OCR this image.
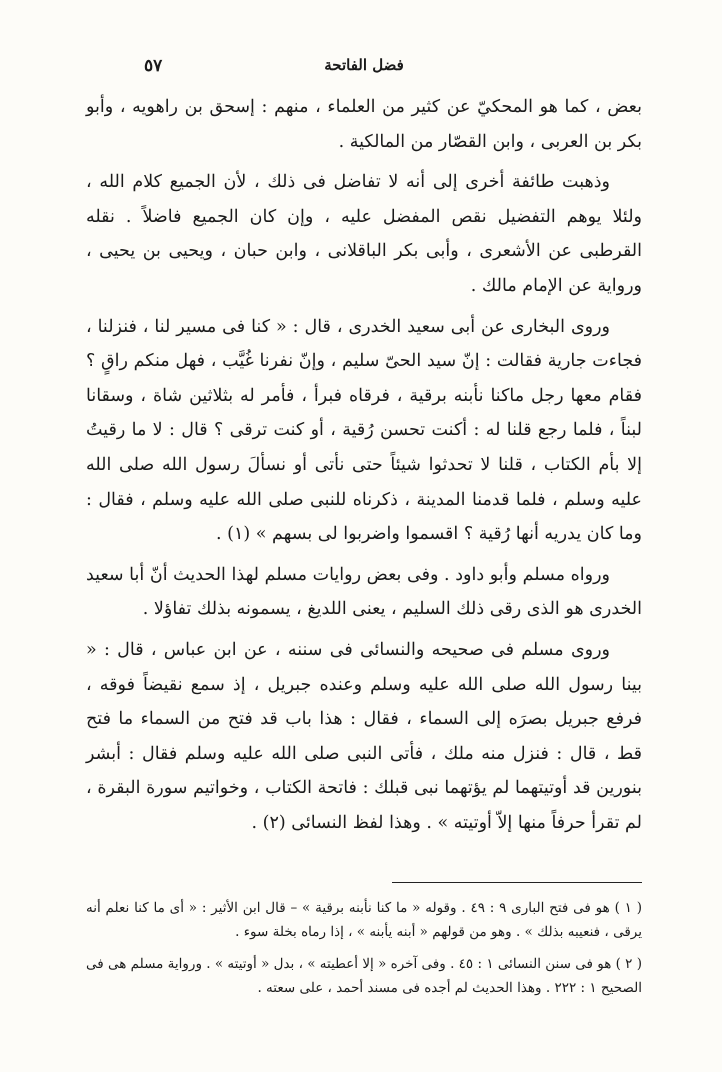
فضل الفاتحة
٥٧

بعض ، كما هو المحكيّ عن كثير من العلماء ، منهم : إسحق بن راهويه ، وأبو بكر بن العربى ، وابن القصّار من المالكية .

وذهبت طائفة أخرى إلى أنه لا تفاضل فى ذلك ، لأن الجميع كلام الله ، ولئلا يوهم التفضيل نقص المفضل عليه ، وإن كان الجميع فاضلاً . نقله القرطبى عن الأشعرى ، وأبى بكر الباقلانى ، وابن حبان ، ويحيى بن يحيى ، ورواية عن الإمام مالك .

وروى البخارى عن أبى سعيد الخدرى ، قال : « كنا فى مسير لنا ، فنزلنا ، فجاءت جارية فقالت : إنّ سيد الحىّ سليم ، وإنّ نفرنا غُيَّب ، فهل منكم راقٍ ؟ فقام معها رجل ماكنا نأبنه برقية ، فرقاه فبرأ ، فأمر له بثلاثين شاة ، وسقانا لبناً ، فلما رجع قلنا له : أكنت تحسن رُقية ، أو كنت ترقى ؟ قال : لا ما رقيتُ إلا بأم الكتاب ، قلنا لا تحدثوا شيئاً حتى نأتى أو نسألَ رسول الله صلى الله عليه وسلم ، فلما قدمنا المدينة ، ذكرناه للنبى صلى الله عليه وسلم ، فقال : وما كان يدريه أنها رُقية ؟ اقسموا واضربوا لى بسهم » (١) .

ورواه مسلم وأبو داود . وفى بعض روايات مسلم لهذا الحديث أنّ أبا سعيد الخدرى هو الذى رقى ذلك السليم ، يعنى اللديغ ، يسمونه بذلك تفاؤلا .

وروى مسلم فى صحيحه والنسائى فى سننه ، عن ابن عباس ، قال : « بينا رسول الله صلى الله عليه وسلم وعنده جبريل ، إذ سمع نقيضاً فوقه ، فرفع جبريل بصرَه إلى السماء ، فقال : هذا باب قد فتح من السماء ما فتح قط ، قال : فنزل منه ملك ، فأتى النبى صلى الله عليه وسلم فقال : أبشر بنورين قد أوتيتهما لم يؤتهما نبى قبلك : فاتحة الكتاب ، وخواتيم سورة البقرة ، لم تقرأ حرفاً منها إلاّ أوتيته » . وهذا لفظ النسائى (٢) .

( ١ ) هو فى فتح البارى ٩ : ٤٩ . وقوله « ما كنا نأبنه برقية » – قال ابن الأثير : « أى ما كنا نعلم أنه يرقى ، فنعيبه بذلك » . وهو من قولهم « أبنه يأبنه » ، إذا رماه بخلة سوء .

( ٢ ) هو فى سنن النسائى ١ : ٤٥ . وفى آخره « إلا أعطيته » ، بدل « أوتيته » . ورواية مسلم هى فى الصحيح ١ : ٢٢٢ . وهذا الحديث لم أجده فى مسند أحمد ، على سعته .
